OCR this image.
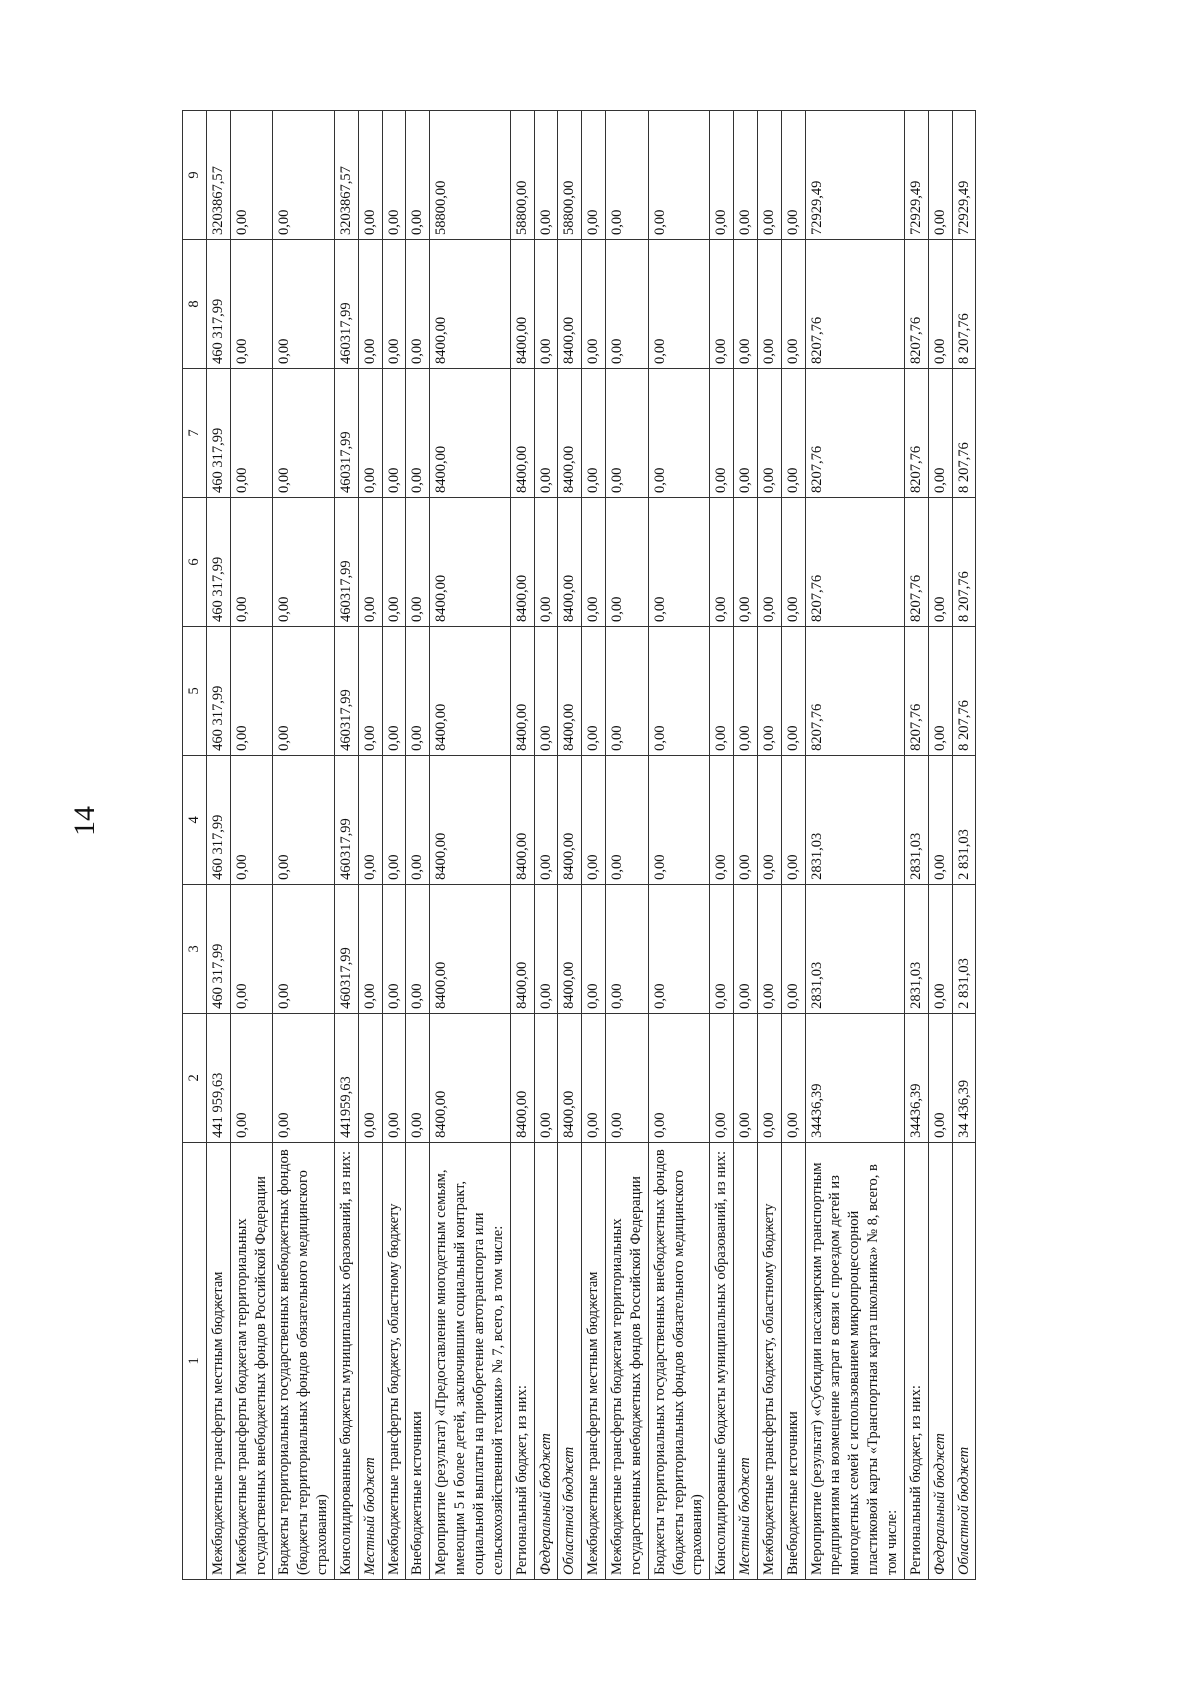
14
1	2	3	4	5	6	7	8	9
Межбюджетные трансферты местным бюджетам	441 959,63	460 317,99	460 317,99	460 317,99	460 317,99	460 317,99	460 317,99	3203867,57
Межбюджетные трансферты бюджетам территориальных государственных внебюджетных фондов Российской Федерации	0,00	0,00	0,00	0,00	0,00	0,00	0,00	0,00
Бюджеты территориальных государственных внебюджетных фондов (бюджеты территориальных фондов обязательного медицинского страхования)	0,00	0,00	0,00	0,00	0,00	0,00	0,00	0,00
Консолидированные бюджеты муниципальных образований, из них:	441959,63	460317,99	460317,99	460317,99	460317,99	460317,99	460317,99	3203867,57
Местный бюджет	0,00	0,00	0,00	0,00	0,00	0,00	0,00	0,00
Межбюджетные трансферты бюджету, областному бюджету	0,00	0,00	0,00	0,00	0,00	0,00	0,00	0,00
Внебюджетные источники	0,00	0,00	0,00	0,00	0,00	0,00	0,00	0,00
Мероприятие (результат) «Предоставление многодетным семьям, имеющим 5 и более детей, заключившим социальный контракт, социальной выплаты на приобретение автотранспорта или сельскохозяйственной техники» № 7, всего, в том числе:	8400,00	8400,00	8400,00	8400,00	8400,00	8400,00	8400,00	58800,00
Региональный бюджет, из них:	8400,00	8400,00	8400,00	8400,00	8400,00	8400,00	8400,00	58800,00
Федеральный бюджет	0,00	0,00	0,00	0,00	0,00	0,00	0,00	0,00
Областной бюджет	8400,00	8400,00	8400,00	8400,00	8400,00	8400,00	8400,00	58800,00
Межбюджетные трансферты местным бюджетам	0,00	0,00	0,00	0,00	0,00	0,00	0,00	0,00
Межбюджетные трансферты бюджетам территориальных государственных внебюджетных фондов Российской Федерации	0,00	0,00	0,00	0,00	0,00	0,00	0,00	0,00
Бюджеты территориальных государственных внебюджетных фондов (бюджеты территориальных фондов обязательного медицинского страхования)	0,00	0,00	0,00	0,00	0,00	0,00	0,00	0,00
Консолидированные бюджеты муниципальных образований, из них:	0,00	0,00	0,00	0,00	0,00	0,00	0,00	0,00
Местный бюджет	0,00	0,00	0,00	0,00	0,00	0,00	0,00	0,00
Межбюджетные трансферты бюджету, областному бюджету	0,00	0,00	0,00	0,00	0,00	0,00	0,00	0,00
Внебюджетные источники	0,00	0,00	0,00	0,00	0,00	0,00	0,00	0,00
Мероприятие (результат) «Субсидии пассажирским транспортным предприятиям на возмещение затрат в связи с проездом детей из многодетных семей с использованием микропроцессорной пластиковой карты «Транспортная карта школьника» № 8, всего, в том числе:	34436,39	2831,03	2831,03	8207,76	8207,76	8207,76	8207,76	72929,49
Региональный бюджет, из них:	34436,39	2831,03	2831,03	8207,76	8207,76	8207,76	8207,76	72929,49
Федеральный бюджет	0,00	0,00	0,00	0,00	0,00	0,00	0,00	0,00
Областной бюджет	34 436,39	2 831,03	2 831,03	8 207,76	8 207,76	8 207,76	8 207,76	72929,49
